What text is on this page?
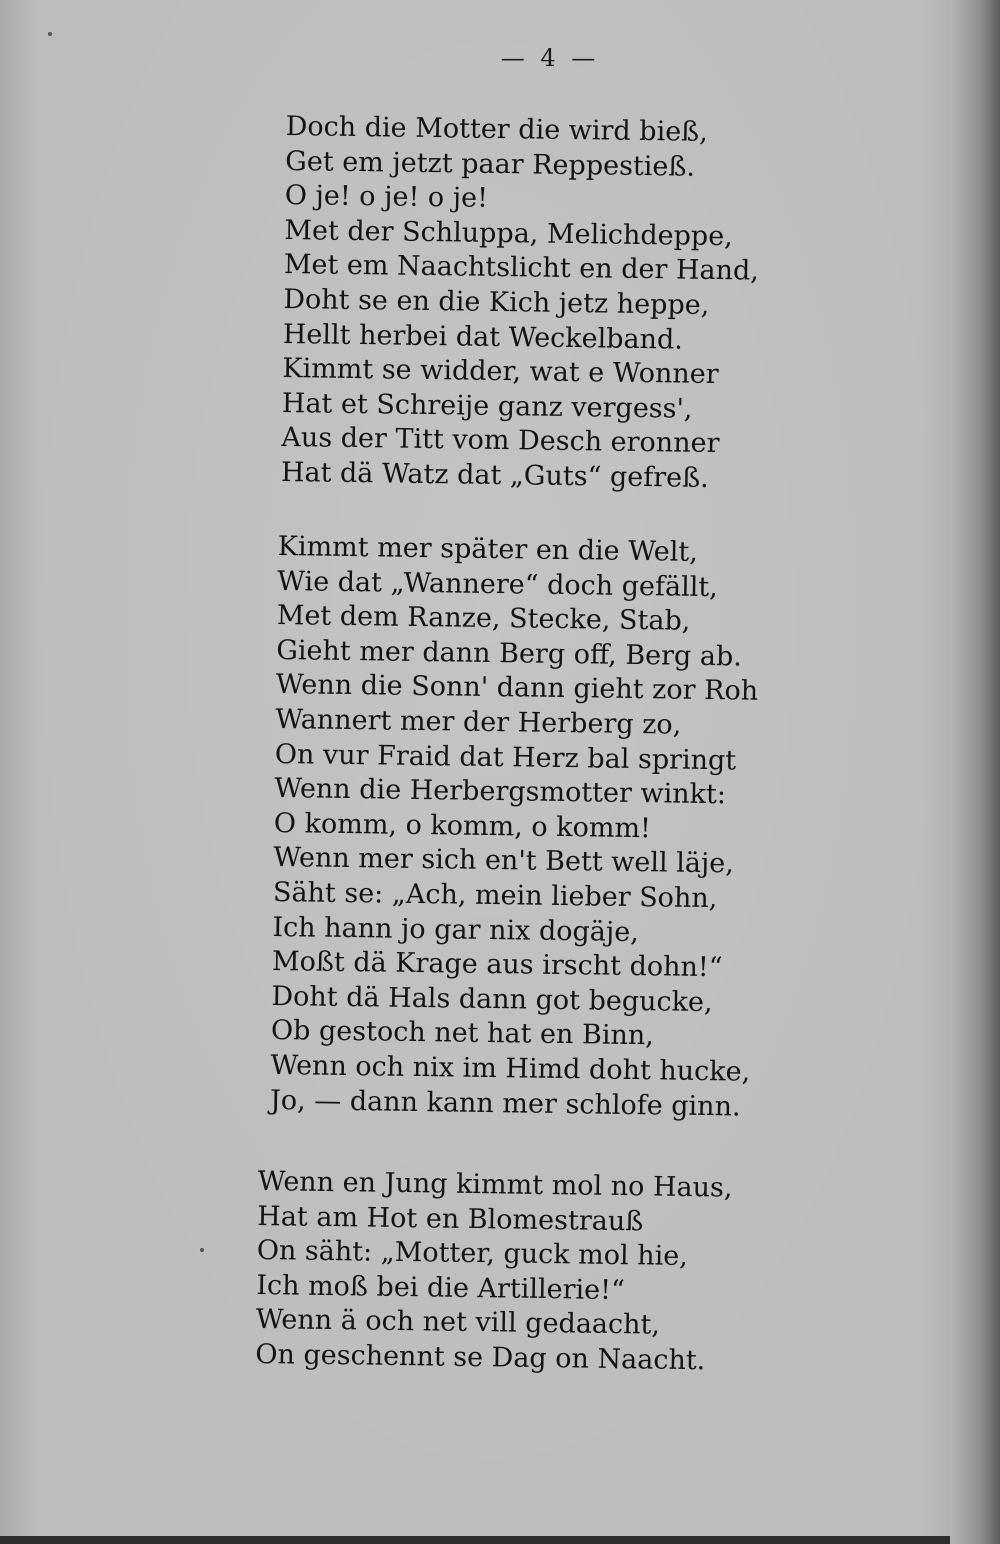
— 4 —
Doch die Motter die wird bieß,
Get em jetzt paar Reppestieß.
O je! o je! o je!
Met der Schluppa, Melichdeppe,
Met em Naachtslicht en der Hand,
Doht se en die Kich jetz heppe,
Hellt herbei dat Weckelband.
Kimmt se widder, wat e Wonner
Hat et Schreije ganz vergess',
Aus der Titt vom Desch eronner
Hat dä Watz dat „Guts“ gefreß.
Kimmt mer später en die Welt,
Wie dat „Wannere“ doch gefällt,
Met dem Ranze, Stecke, Stab,
Gieht mer dann Berg off, Berg ab.
Wenn die Sonn' dann gieht zor Roh
Wannert mer der Herberg zo,
On vur Fraid dat Herz bal springt
Wenn die Herbergsmotter winkt:
O komm, o komm, o komm!
Wenn mer sich en't Bett well läje,
Säht se: „Ach, mein lieber Sohn,
Ich hann jo gar nix dogäje,
Moßt dä Krage aus irscht dohn!“
Doht dä Hals dann got begucke,
Ob gestoch net hat en Binn,
Wenn och nix im Himd doht hucke,
Jo, — dann kann mer schlofe ginn.
Wenn en Jung kimmt mol no Haus,
Hat am Hot en Blomestrauß
On säht: „Motter, guck mol hie,
Ich moß bei die Artillerie!“
Wenn ä och net vill gedaacht,
On geschennt se Dag on Naacht.
